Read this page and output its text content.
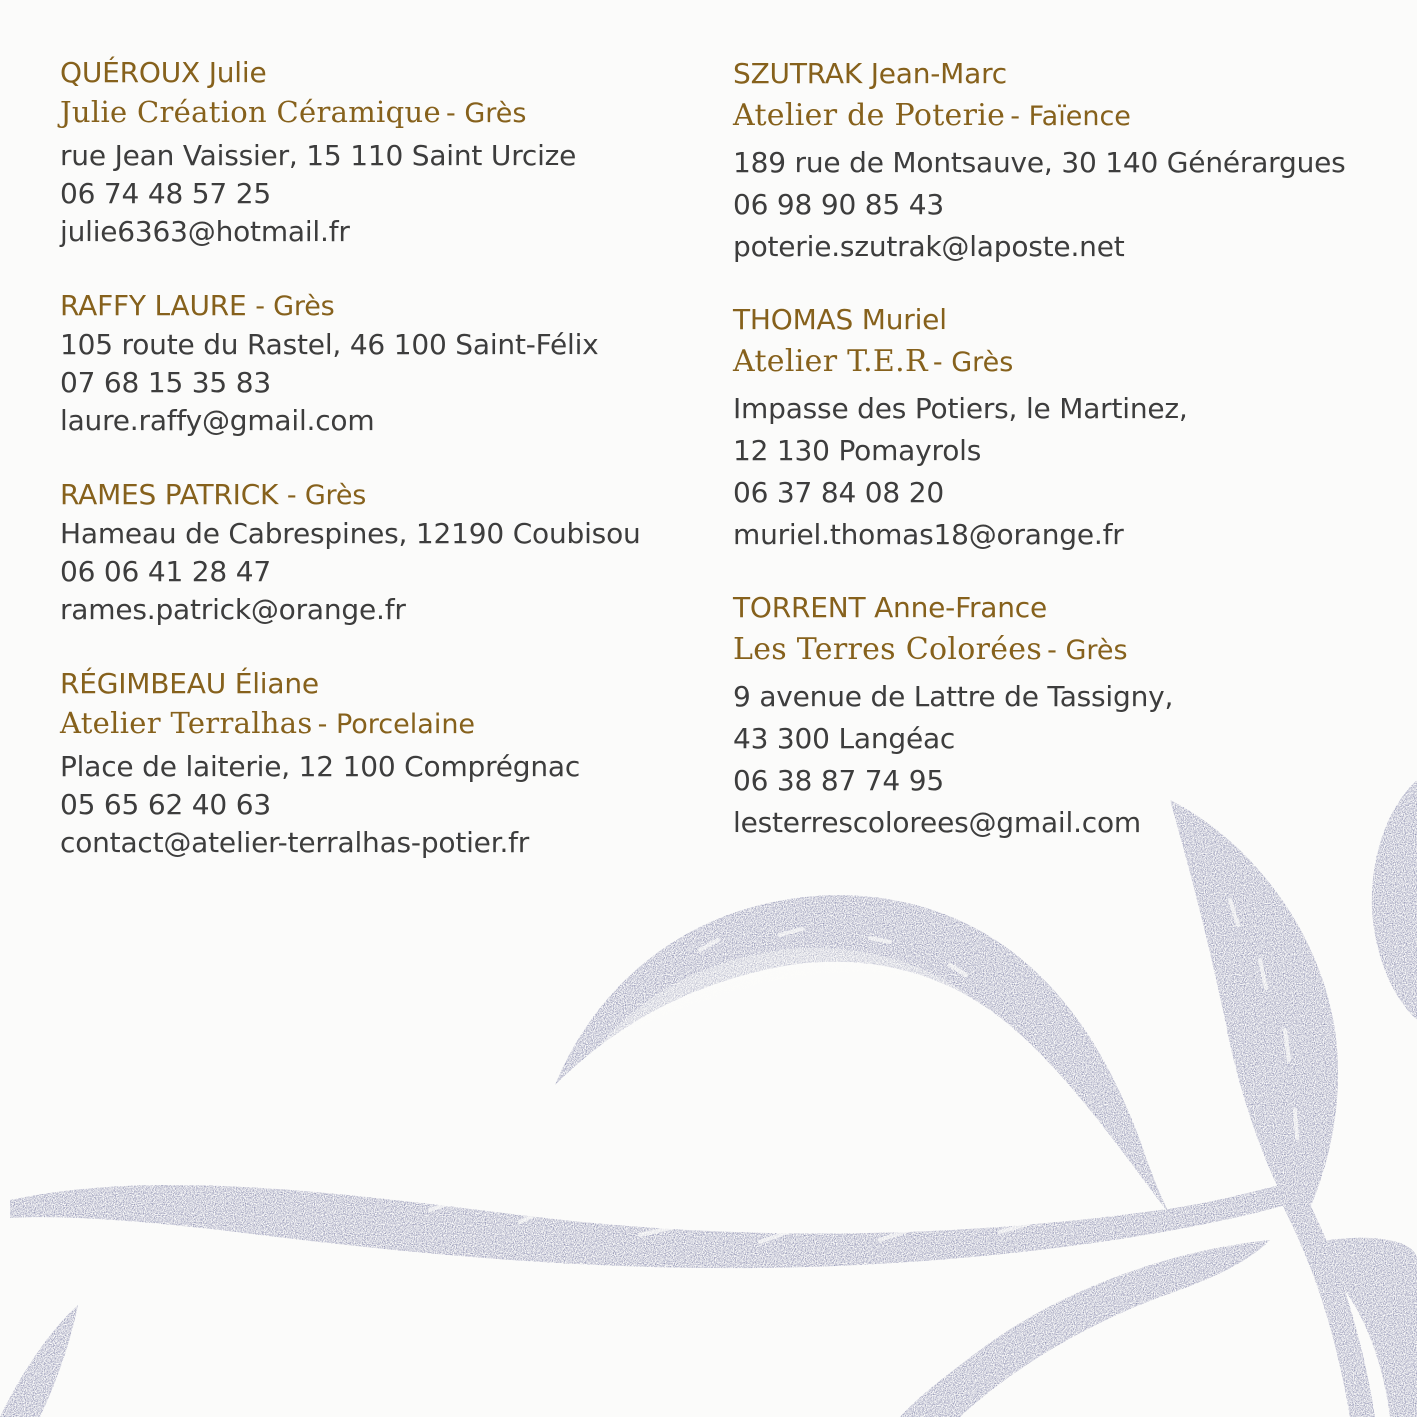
QUÉROUX Julie
Julie Création Céramique - Grès
rue Jean Vaissier, 15 110 Saint Urcize
06 74 48 57 25
julie6363@hotmail.fr
RAFFY LAURE - Grès
105 route du Rastel, 46 100 Saint-Félix
07 68 15 35 83
laure.raffy@gmail.com
RAMES PATRICK - Grès
Hameau de Cabrespines, 12190 Coubisou
06 06 41 28 47
rames.patrick@orange.fr
RÉGIMBEAU Éliane
Atelier Terralhas - Porcelaine
Place de laiterie, 12 100 Comprégnac
05 65 62 40 63
contact@atelier-terralhas-potier.fr
SZUTRAK Jean-Marc
Atelier de Poterie - Faïence
189 rue de Montsauve, 30 140 Générargues
06 98 90 85 43
poterie.szutrak@laposte.net
THOMAS Muriel
Atelier T.E.R - Grès
Impasse des Potiers, le Martinez,
12 130 Pomayrols
06 37 84 08 20
muriel.thomas18@orange.fr
TORRENT Anne-France
Les Terres Colorées - Grès
9 avenue de Lattre de Tassigny,
43 300 Langéac
06 38 87 74 95
lesterrescolorees@gmail.com
